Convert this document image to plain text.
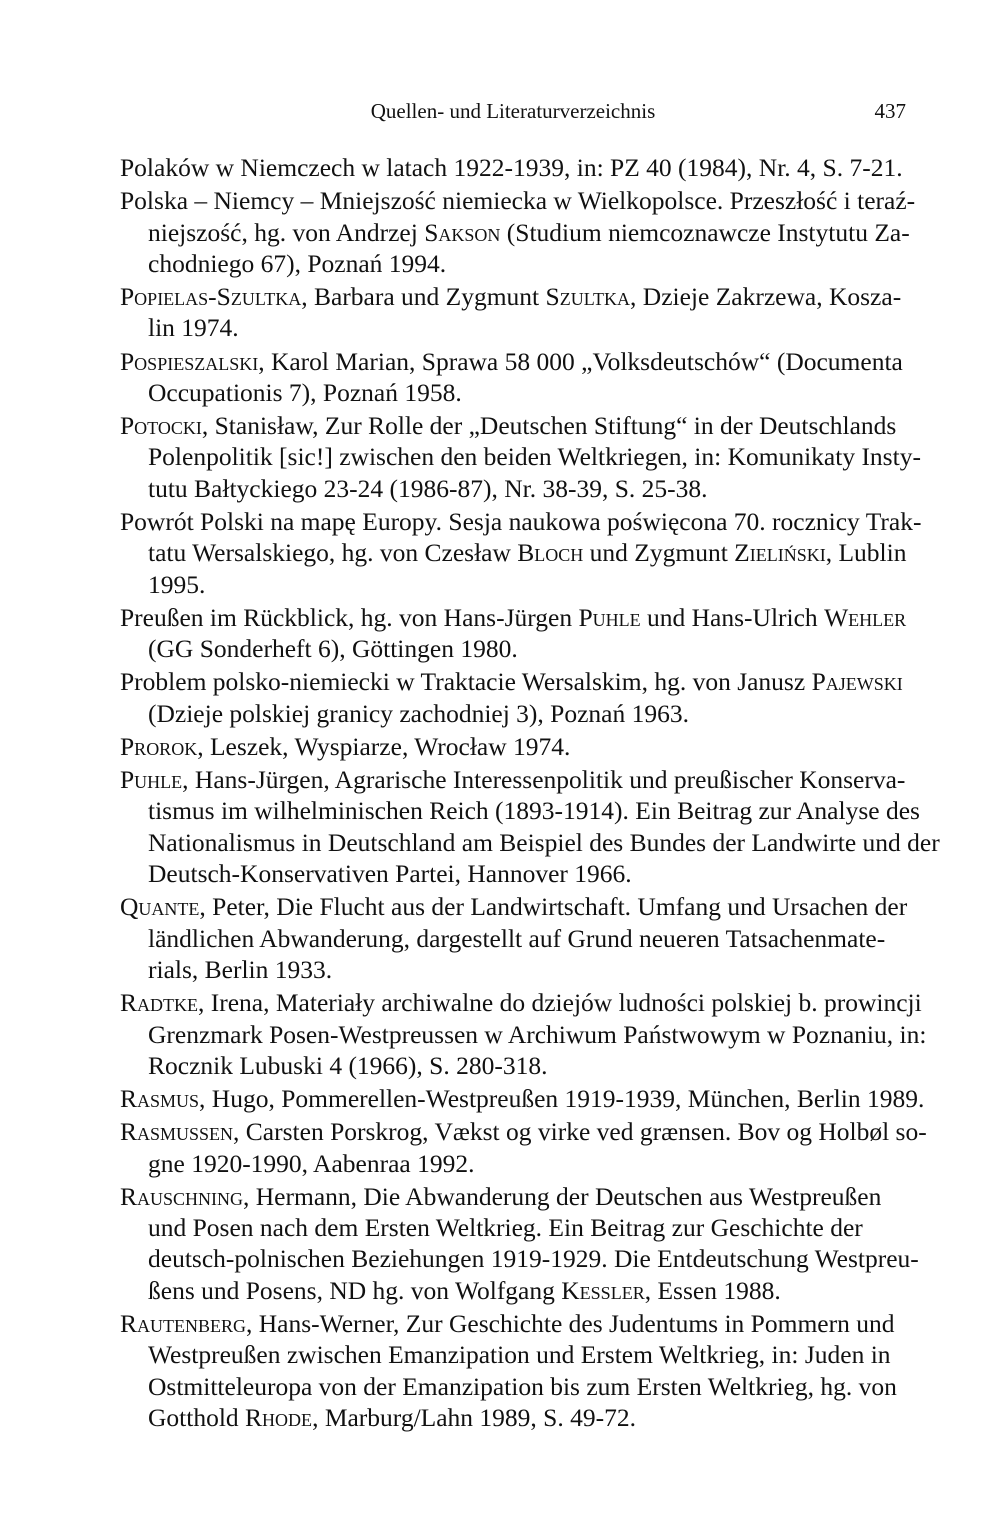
Quellen- und Literaturverzeichnis	437
Polaków w Niemczech w latach 1922-1939, in: PZ 40 (1984), Nr. 4, S. 7-21.
Polska – Niemcy – Mniejszość niemiecka w Wielkopolsce. Przeszłość i teraź-
niejszość, hg. von Andrzej Sakson (Studium niemcoznawcze Instytutu Za-
chodniego 67), Poznań 1994.
Popielas-Szultka, Barbara und Zygmunt Szultka, Dzieje Zakrzewa, Kosza-
lin 1974.
Pospieszalski, Karol Marian, Sprawa 58 000 „Volksdeutschów“ (Documenta
Occupationis 7), Poznań 1958.
Potocki, Stanisław, Zur Rolle der „Deutschen Stiftung“ in der Deutschlands
Polenpolitik [sic!] zwischen den beiden Weltkriegen, in: Komunikaty Insty-
tutu Bałtyckiego 23-24 (1986-87), Nr. 38-39, S. 25-38.
Powrót Polski na mapę Europy. Sesja naukowa poświęcona 70. rocznicy Trak-
tatu Wersalskiego, hg. von Czesław Bloch und Zygmunt Zieliński, Lublin
1995.
Preußen im Rückblick, hg. von Hans-Jürgen Puhle und Hans-Ulrich Wehler
(GG Sonderheft 6), Göttingen 1980.
Problem polsko-niemiecki w Traktacie Wersalskim, hg. von Janusz Pajewski
(Dzieje polskiej granicy zachodniej 3), Poznań 1963.
Prorok, Leszek, Wyspiarze, Wrocław 1974.
Puhle, Hans-Jürgen, Agrarische Interessenpolitik und preußischer Konserva-
tismus im wilhelminischen Reich (1893-1914). Ein Beitrag zur Analyse des
Nationalismus in Deutschland am Beispiel des Bundes der Landwirte und der
Deutsch-Konservativen Partei, Hannover 1966.
Quante, Peter, Die Flucht aus der Landwirtschaft. Umfang und Ursachen der
ländlichen Abwanderung, dargestellt auf Grund neueren Tatsachenmate-
rials, Berlin 1933.
Radtke, Irena, Materiały archiwalne do dziejów ludności polskiej b. prowincji
Grenzmark Posen-Westpreussen w Archiwum Państwowym w Poznaniu, in:
Rocznik Lubuski 4 (1966), S. 280-318.
Rasmus, Hugo, Pommerellen-Westpreußen 1919-1939, München, Berlin 1989.
Rasmussen, Carsten Porskrog, Vækst og virke ved grænsen. Bov og Holbøl so-
gne 1920-1990, Aabenraa 1992.
Rauschning, Hermann, Die Abwanderung der Deutschen aus Westpreußen
und Posen nach dem Ersten Weltkrieg. Ein Beitrag zur Geschichte der
deutsch-polnischen Beziehungen 1919-1929. Die Entdeutschung Westpreu-
ßens und Posens, ND hg. von Wolfgang Kessler, Essen 1988.
Rautenberg, Hans-Werner, Zur Geschichte des Judentums in Pommern und
Westpreußen zwischen Emanzipation und Erstem Weltkrieg, in: Juden in
Ostmitteleuropa von der Emanzipation bis zum Ersten Weltkrieg, hg. von
Gotthold Rhode, Marburg/Lahn 1989, S. 49-72.
